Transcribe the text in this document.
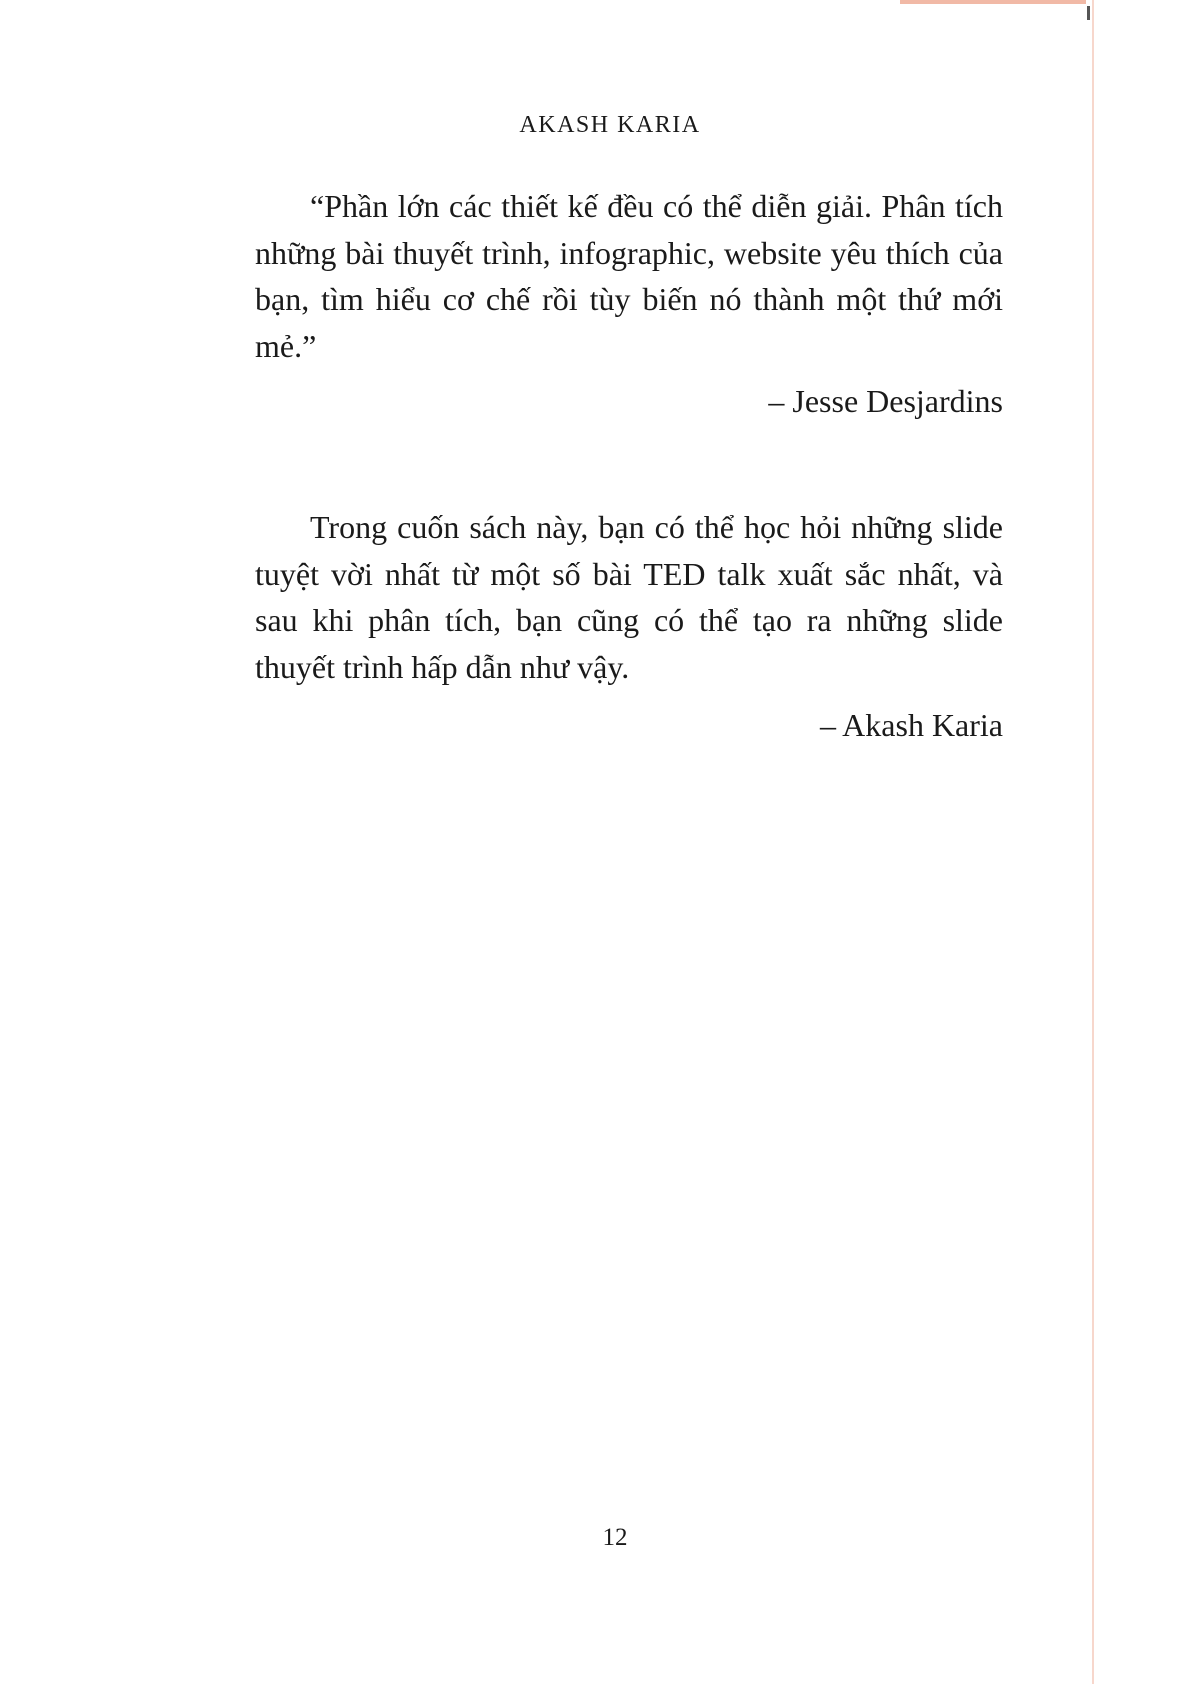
AKASH KARIA

“Phần lớn các thiết kế đều có thể diễn giải. Phân tích những bài thuyết trình, infographic, website yêu thích của bạn, tìm hiểu cơ chế rồi tùy biến nó thành một thứ mới mẻ.”

– Jesse Desjardins

Trong cuốn sách này, bạn có thể học hỏi những slide tuyệt vời nhất từ một số bài TED talk xuất sắc nhất, và sau khi phân tích, bạn cũng có thể tạo ra những slide thuyết trình hấp dẫn như vậy.

– Akash Karia
12
